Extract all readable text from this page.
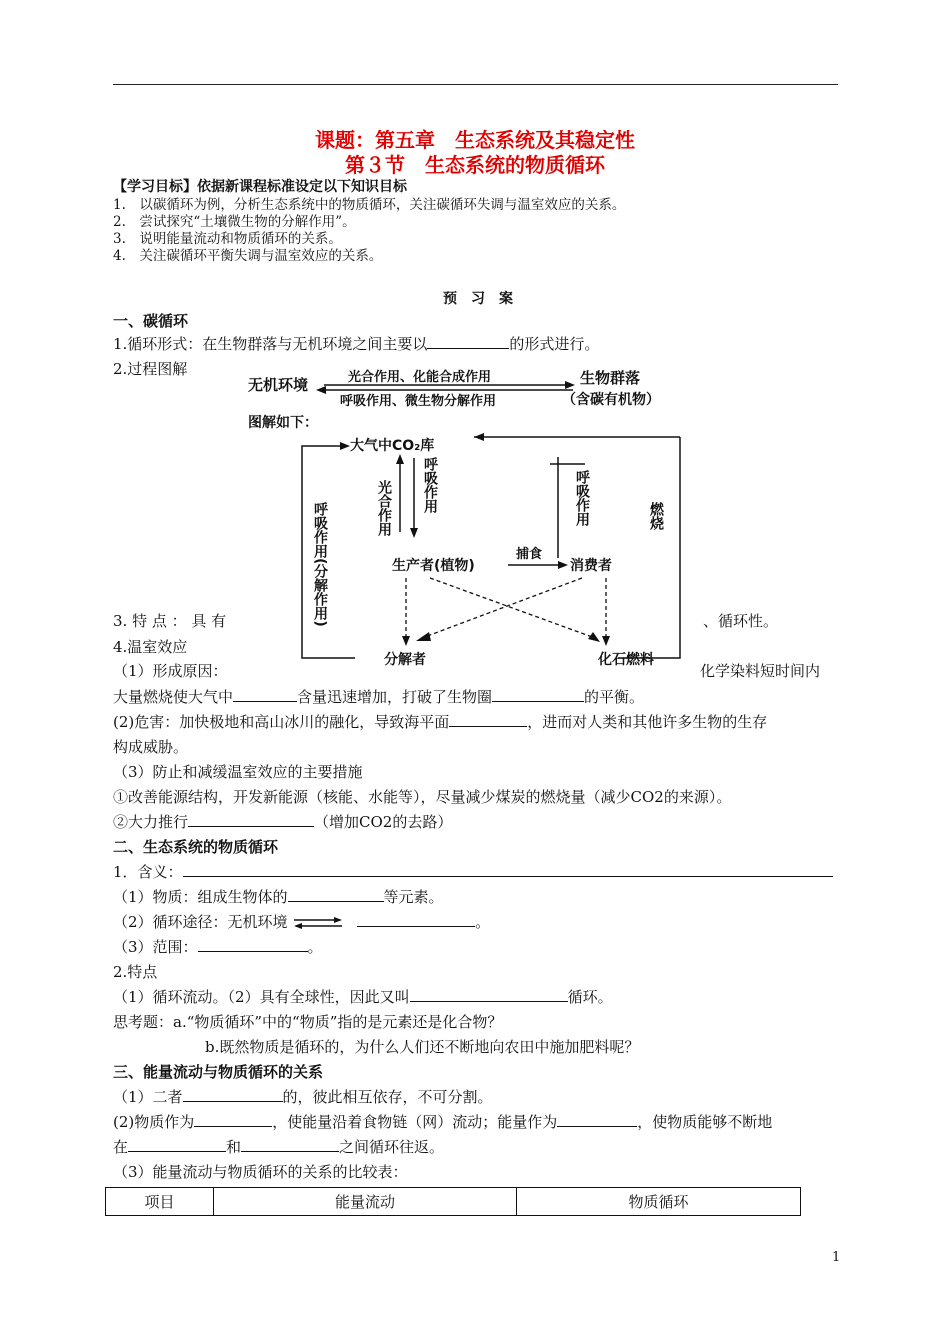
课题：第五章　生态系统及其稳定性
第３节　生态系统的物质循环
【学习目标】依据新课程标准设定以下知识目标
1.　以碳循环为例，分析生态系统中的物质循环，关注碳循环失调与温室效应的关系。
2.　尝试探究“土壤微生物的分解作用”。
3.　说明能量流动和物质循环的关系。
4.　关注碳循环平衡失调与温室效应的关系。
预　习　案
一、碳循环
1.循环形式：在生物群落与无机环境之间主要以	的形式进行。
2.过程图解
无机环境	光合作用、化能合成作用
呼吸作用、微生物分解作用
生物群落
（含碳有机物）
图解如下：
大气中CO₂库
燃烧
呼吸作用(分解作用)	光合作用 呼吸作用	呼吸作用
生产者(植物)
捕食
消费者
分解者	化石燃料
3. 特 点 ： 具 有	、循环性。
4.温室效应
（1）形成原因：	化学染料短时间内
大量燃烧使大气中	含量迅速增加，打破了生物圈	的平衡。
(2)危害：加快极地和高山冰川的融化，导致海平面	，进而对人类和其他许多生物的生存
构成威胁。
（3）防止和减缓温室效应的主要措施
①改善能源结构，开发新能源（核能、水能等），尽量减少煤炭的燃烧量（减少CO2的来源）。
②大力推行	（增加CO2的去路）
二、生态系统的物质循环
1．含义：
（1）物质：组成生物体的	等元素。
（2）循环途径：无机环境	。
（3）范围：	。
2.特点
（1）循环流动。（2）具有全球性，因此又叫	循环。
思考题：a.“物质循环”中的“物质”指的是元素还是化合物？
b.既然物质是循环的，为什么人们还不断地向农田中施加肥料呢？
三、能量流动与物质循环的关系
（1）二者	的，彼此相互依存，不可分割。
(2)物质作为	，使能量沿着食物链（网）流动；能量作为	，使物质能够不断地
在	和	之间循环往返。
（3）能量流动与物质循环的关系的比较表：
项目	能量流动	物质循环
1
